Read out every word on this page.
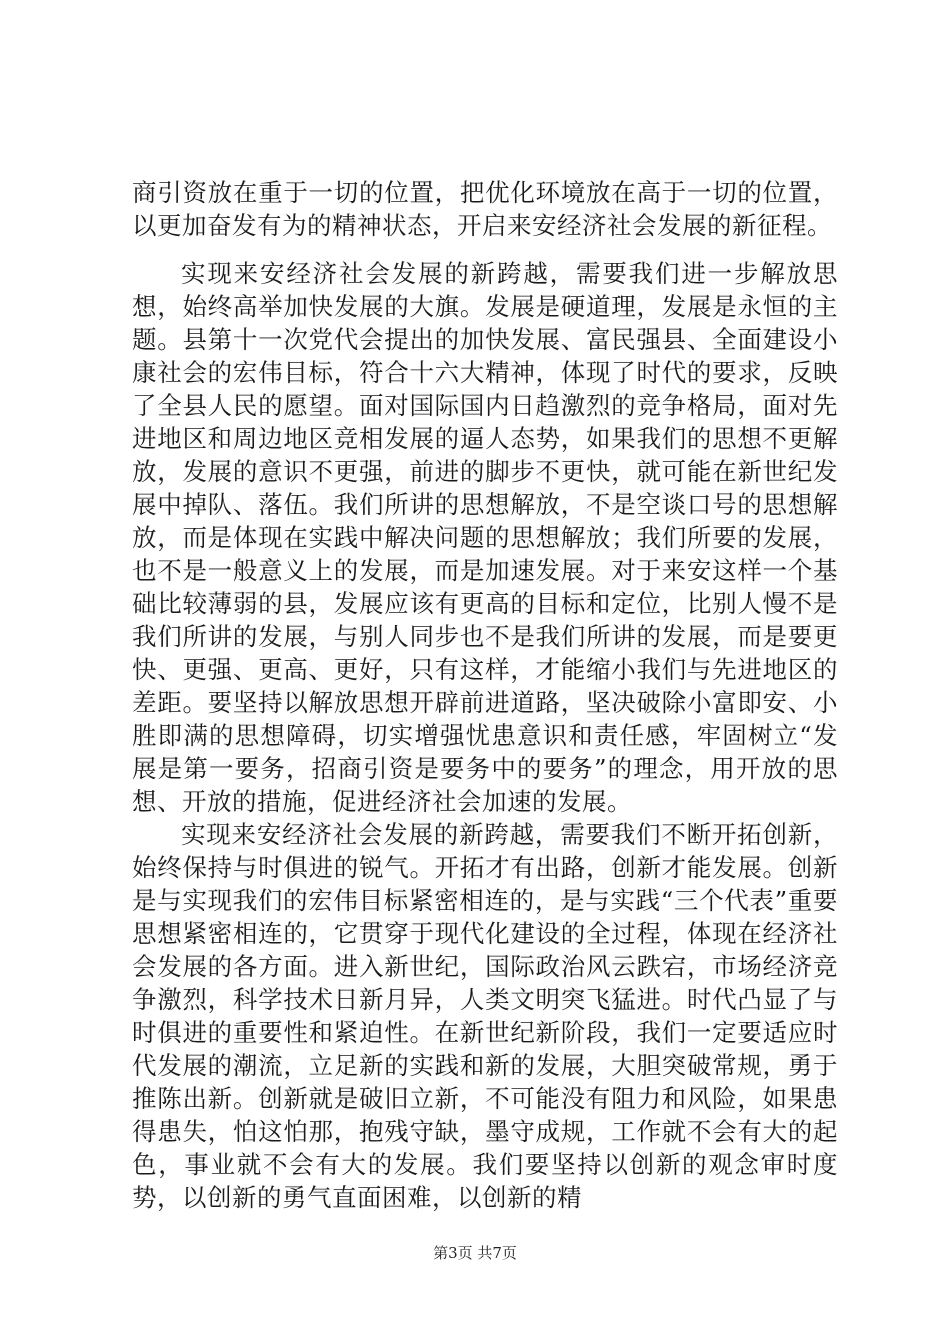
商引资放在重于一切的位置，把优化环境放在高于一切的位置，以更加奋发有为的精神状态，开启来安经济社会发展的新征程。

实现来安经济社会发展的新跨越，需要我们进一步解放思想，始终高举加快发展的大旗。发展是硬道理，发展是永恒的主题。县第十一次党代会提出的加快发展、富民强县、全面建设小康社会的宏伟目标，符合十六大精神，体现了时代的要求，反映了全县人民的愿望。面对国际国内日趋激烈的竞争格局，面对先进地区和周边地区竞相发展的逼人态势，如果我们的思想不更解放，发展的意识不更强，前进的脚步不更快，就可能在新世纪发展中掉队、落伍。我们所讲的思想解放，不是空谈口号的思想解放，而是体现在实践中解决问题的思想解放；我们所要的发展，也不是一般意义上的发展，而是加速发展。对于来安这样一个基础比较薄弱的县，发展应该有更高的目标和定位，比别人慢不是我们所讲的发展，与别人同步也不是我们所讲的发展，而是要更快、更强、更高、更好，只有这样，才能缩小我们与先进地区的差距。要坚持以解放思想开辟前进道路，坚决破除小富即安、小胜即满的思想障碍，切实增强忧患意识和责任感，牢固树立“发展是第一要务，招商引资是要务中的要务”的理念，用开放的思想、开放的措施，促进经济社会加速的发展。

实现来安经济社会发展的新跨越，需要我们不断开拓创新，始终保持与时俱进的锐气。开拓才有出路，创新才能发展。创新是与实现我们的宏伟目标紧密相连的，是与实践“三个代表”重要思想紧密相连的，它贯穿于现代化建设的全过程，体现在经济社会发展的各方面。进入新世纪，国际政治风云跌宕，市场经济竞争激烈，科学技术日新月异，人类文明突飞猛进。时代凸显了与时俱进的重要性和紧迫性。在新世纪新阶段，我们一定要适应时代发展的潮流，立足新的实践和新的发展，大胆突破常规，勇于推陈出新。创新就是破旧立新，不可能没有阻力和风险，如果患得患失，怕这怕那，抱残守缺，墨守成规，工作就不会有大的起色，事业就不会有大的发展。我们要坚持以创新的观念审时度势，以创新的勇气直面困难，以创新的精

第3页 共7页
